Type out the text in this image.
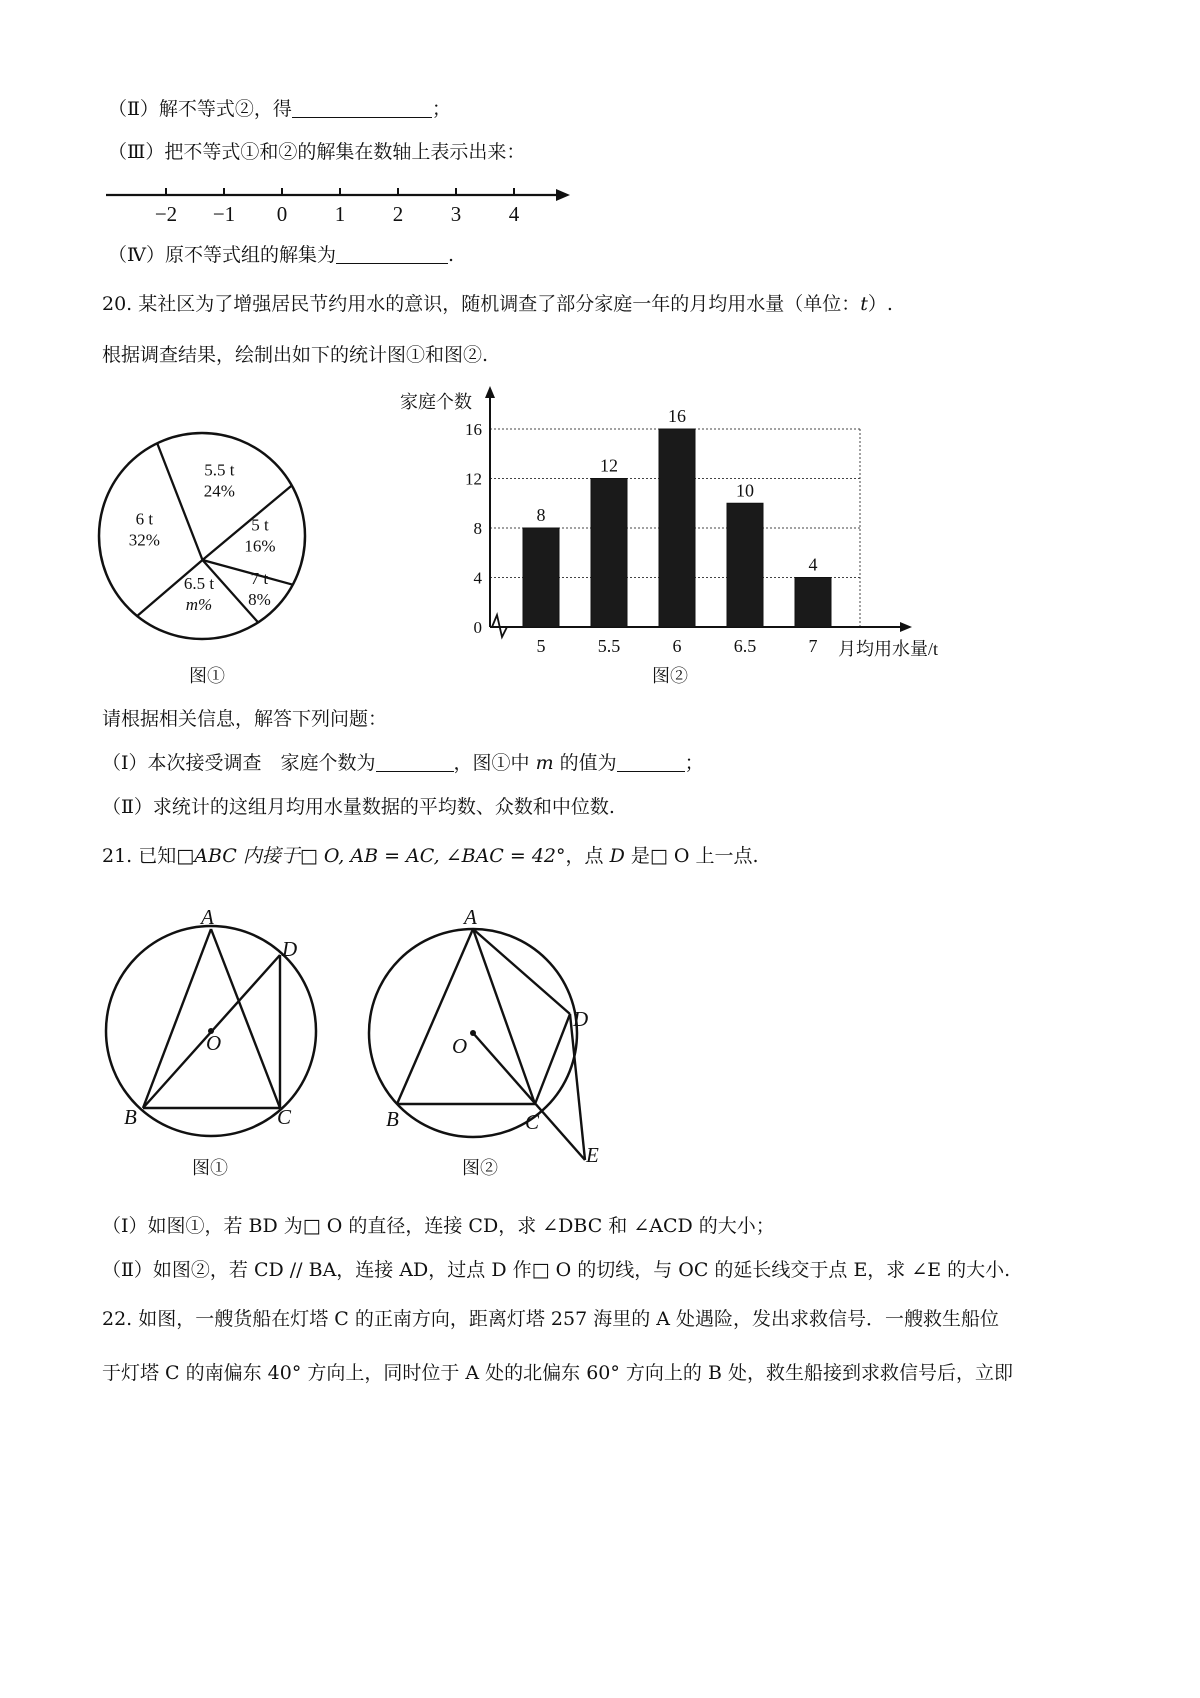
（Ⅱ）解不等式②，得	；
（Ⅲ）把不等式①和②的解集在数轴上表示出来：
−2 −1 0 1 2 3 4
（Ⅳ）原不等式组的解集为	.
20. 某社区为了增强居民节约用水的意识，随机调查了部分家庭一年的月均用水量（单位：t）.
根据调查结果，绘制出如下的统计图①和图②.
5.5 t
24%
5 t
16%
7 t
8%
6.5 t
m%
6 t
32%
图①
0
4
8
12
16
8
5
12
5.5
16
6
10
6.5
4
7
家庭个数
月均用水量/t
图②
请根据相关信息，解答下列问题：
（Ⅰ）本次接受调查　家庭个数为	，图①中 m 的值为	；
（Ⅱ）求统计的这组月均用水量数据的平均数、众数和中位数.
21. 已知□ABC 内接于□ O, AB = AC, ∠BAC = 42°，点 D 是□ O 上一点.
A
B	C
D
O
图①
A
B	C
D
E
O
图②
（Ⅰ）如图①，若 BD 为□ O 的直径，连接 CD，求 ∠DBC 和 ∠ACD 的大小；
（Ⅱ）如图②，若 CD // BA，连接 AD，过点 D 作□ O 的切线，与 OC 的延长线交于点 E，求 ∠E 的大小.
22. 如图，一艘货船在灯塔 C 的正南方向，距离灯塔 257 海里的 A 处遇险，发出求救信号．一艘救生船位
于灯塔 C 的南偏东 40° 方向上，同时位于 A 处的北偏东 60° 方向上的 B 处，救生船接到求救信号后，立即
